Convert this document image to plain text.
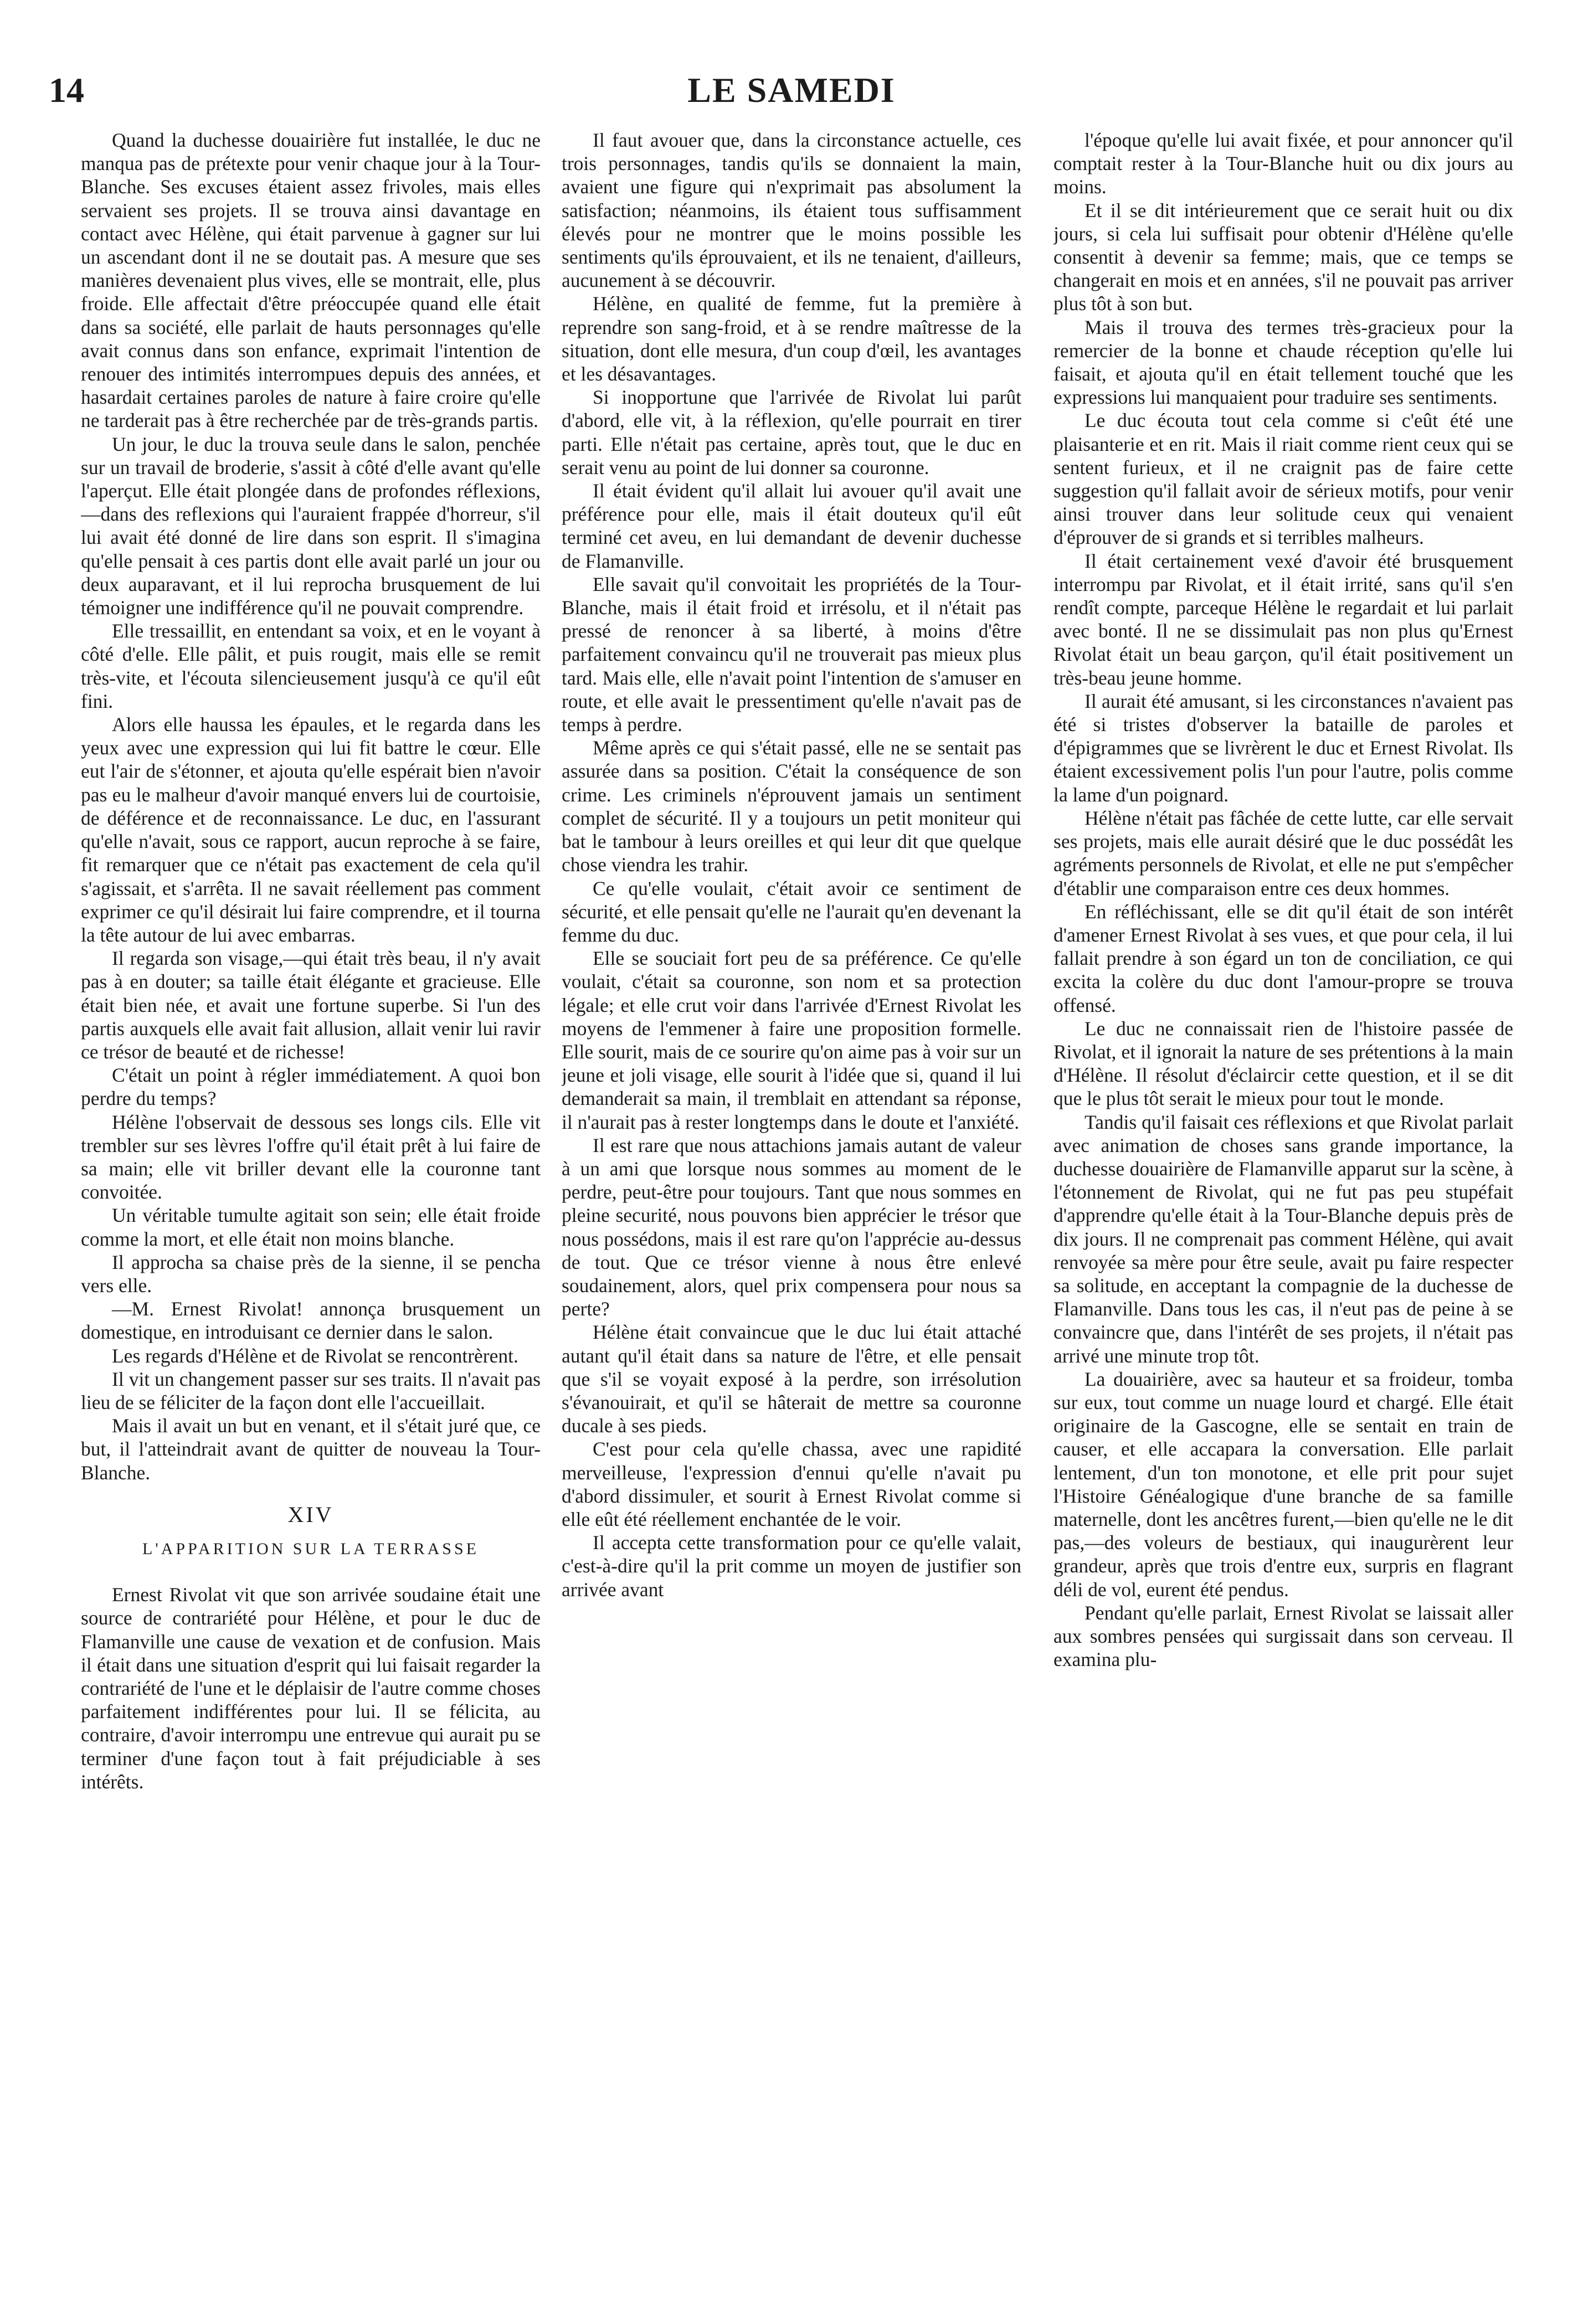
14	LE SAMEDI

Quand la duchesse douairière fut installée, le duc ne manqua pas de prétexte pour venir chaque jour à la Tour-Blanche. Ses excuses étaient assez frivoles, mais elles servaient ses projets. Il se trouva ainsi davantage en contact avec Hélène, qui était parvenue à gagner sur lui un ascendant dont il ne se doutait pas. A mesure que ses manières devenaient plus vives, elle se montrait, elle, plus froide. Elle affectait d'être préoccupée quand elle était dans sa société, elle parlait de hauts personnages qu'elle avait connus dans son enfance, exprimait l'intention de renouer des intimités interrompues depuis des années, et hasardait certaines paroles de nature à faire croire qu'elle ne tarderait pas à être recherchée par de très-grands partis.

Un jour, le duc la trouva seule dans le salon, penchée sur un travail de broderie, s'assit à côté d'elle avant qu'elle l'aperçut. Elle était plongée dans de profondes réflexions,—dans des reflexions qui l'auraient frappée d'horreur, s'il lui avait été donné de lire dans son esprit. Il s'imagina qu'elle pensait à ces partis dont elle avait parlé un jour ou deux auparavant, et il lui reprocha brusquement de lui témoigner une indifférence qu'il ne pouvait comprendre.

Elle tressaillit, en entendant sa voix, et en le voyant à côté d'elle. Elle pâlit, et puis rougit, mais elle se remit très-vite, et l'écouta silencieusement jusqu'à ce qu'il eût fini.

Alors elle haussa les épaules, et le regarda dans les yeux avec une expression qui lui fit battre le cœur. Elle eut l'air de s'étonner, et ajouta qu'elle espérait bien n'avoir pas eu le malheur d'avoir manqué envers lui de courtoisie, de déférence et de reconnaissance. Le duc, en l'assurant qu'elle n'avait, sous ce rapport, aucun reproche à se faire, fit remarquer que ce n'était pas exactement de cela qu'il s'agissait, et s'arrêta. Il ne savait réellement pas comment exprimer ce qu'il désirait lui faire comprendre, et il tourna la tête autour de lui avec embarras.

Il regarda son visage,—qui était très beau, il n'y avait pas à en douter; sa taille était élégante et gracieuse. Elle était bien née, et avait une fortune superbe. Si l'un des partis auxquels elle avait fait allusion, allait venir lui ravir ce trésor de beauté et de richesse!

C'était un point à régler immédiatement. A quoi bon perdre du temps?

Hélène l'observait de dessous ses longs cils. Elle vit trembler sur ses lèvres l'offre qu'il était prêt à lui faire de sa main; elle vit briller devant elle la couronne tant convoitée.

Un véritable tumulte agitait son sein; elle était froide comme la mort, et elle était non moins blanche.

Il approcha sa chaise près de la sienne, il se pencha vers elle.

—M. Ernest Rivolat! annonça brusquement un domestique, en introduisant ce dernier dans le salon.

Les regards d'Hélène et de Rivolat se rencontrèrent.

Il vit un changement passer sur ses traits. Il n'avait pas lieu de se féliciter de la façon dont elle l'accueillait.

Mais il avait un but en venant, et il s'était juré que, ce but, il l'atteindrait avant de quitter de nouveau la Tour-Blanche.

XIV

L'APPARITION SUR LA TERRASSE

Ernest Rivolat vit que son arrivée soudaine était une source de contrariété pour Hélène, et pour le duc de Flamanville une cause de vexation et de confusion. Mais il était dans une situation d'esprit qui lui faisait regarder la contrariété de l'une et le déplaisir de l'autre comme choses parfaitement indifférentes pour lui. Il se félicita, au contraire, d'avoir interrompu une entrevue qui aurait pu se terminer d'une façon tout à fait préjudiciable à ses intérêts.

Il faut avouer que, dans la circonstance actuelle, ces trois personnages, tandis qu'ils se donnaient la main, avaient une figure qui n'exprimait pas absolument la satisfaction; néanmoins, ils étaient tous suffisamment élevés pour ne montrer que le moins possible les sentiments qu'ils éprouvaient, et ils ne tenaient, d'ailleurs, aucunement à se découvrir.

Hélène, en qualité de femme, fut la première à reprendre son sang-froid, et à se rendre maîtresse de la situation, dont elle mesura, d'un coup d'œil, les avantages et les désavantages.

Si inopportune que l'arrivée de Rivolat lui parût d'abord, elle vit, à la réflexion, qu'elle pourrait en tirer parti. Elle n'était pas certaine, après tout, que le duc en serait venu au point de lui donner sa couronne.

Il était évident qu'il allait lui avouer qu'il avait une préférence pour elle, mais il était douteux qu'il eût terminé cet aveu, en lui demandant de devenir duchesse de Flamanville.

Elle savait qu'il convoitait les propriétés de la Tour-Blanche, mais il était froid et irrésolu, et il n'était pas pressé de renoncer à sa liberté, à moins d'être parfaitement convaincu qu'il ne trouverait pas mieux plus tard. Mais elle, elle n'avait point l'intention de s'amuser en route, et elle avait le pressentiment qu'elle n'avait pas de temps à perdre.

Même après ce qui s'était passé, elle ne se sentait pas assurée dans sa position. C'était la conséquence de son crime. Les criminels n'éprouvent jamais un sentiment complet de sécurité. Il y a toujours un petit moniteur qui bat le tambour à leurs oreilles et qui leur dit que quelque chose viendra les trahir.

Ce qu'elle voulait, c'était avoir ce sentiment de sécurité, et elle pensait qu'elle ne l'aurait qu'en devenant la femme du duc.

Elle se souciait fort peu de sa préférence. Ce qu'elle voulait, c'était sa couronne, son nom et sa protection légale; et elle crut voir dans l'arrivée d'Ernest Rivolat les moyens de l'emmener à faire une proposition formelle. Elle sourit, mais de ce sourire qu'on aime pas à voir sur un jeune et joli visage, elle sourit à l'idée que si, quand il lui demanderait sa main, il tremblait en attendant sa réponse, il n'aurait pas à rester longtemps dans le doute et l'anxiété.

Il est rare que nous attachions jamais autant de valeur à un ami que lorsque nous sommes au moment de le perdre, peut-être pour toujours. Tant que nous sommes en pleine securité, nous pouvons bien apprécier le trésor que nous possédons, mais il est rare qu'on l'apprécie au-dessus de tout. Que ce trésor vienne à nous être enlevé soudainement, alors, quel prix compensera pour nous sa perte?

Hélène était convaincue que le duc lui était attaché autant qu'il était dans sa nature de l'être, et elle pensait que s'il se voyait exposé à la perdre, son irrésolution s'évanouirait, et qu'il se hâterait de mettre sa couronne ducale à ses pieds.

C'est pour cela qu'elle chassa, avec une rapidité merveilleuse, l'expression d'ennui qu'elle n'avait pu d'abord dissimuler, et sourit à Ernest Rivolat comme si elle eût été réellement enchantée de le voir.

Il accepta cette transformation pour ce qu'elle valait, c'est-à-dire qu'il la prit comme un moyen de justifier son arrivée avant

l'époque qu'elle lui avait fixée, et pour annoncer qu'il comptait rester à la Tour-Blanche huit ou dix jours au moins.

Et il se dit intérieurement que ce serait huit ou dix jours, si cela lui suffisait pour obtenir d'Hélène qu'elle consentit à devenir sa femme; mais, que ce temps se changerait en mois et en années, s'il ne pouvait pas arriver plus tôt à son but.

Mais il trouva des termes très-gracieux pour la remercier de la bonne et chaude réception qu'elle lui faisait, et ajouta qu'il en était tellement touché que les expressions lui manquaient pour traduire ses sentiments.

Le duc écouta tout cela comme si c'eût été une plaisanterie et en rit. Mais il riait comme rient ceux qui se sentent furieux, et il ne craignit pas de faire cette suggestion qu'il fallait avoir de sérieux motifs, pour venir ainsi trouver dans leur solitude ceux qui venaient d'éprouver de si grands et si terribles malheurs.

Il était certainement vexé d'avoir été brusquement interrompu par Rivolat, et il était irrité, sans qu'il s'en rendît compte, parceque Hélène le regardait et lui parlait avec bonté. Il ne se dissimulait pas non plus qu'Ernest Rivolat était un beau garçon, qu'il était positivement un très-beau jeune homme.

Il aurait été amusant, si les circonstances n'avaient pas été si tristes d'observer la bataille de paroles et d'épigrammes que se livrèrent le duc et Ernest Rivolat. Ils étaient excessivement polis l'un pour l'autre, polis comme la lame d'un poignard.

Hélène n'était pas fâchée de cette lutte, car elle servait ses projets, mais elle aurait désiré que le duc possédât les agréments personnels de Rivolat, et elle ne put s'empêcher d'établir une comparaison entre ces deux hommes.

En réfléchissant, elle se dit qu'il était de son intérêt d'amener Ernest Rivolat à ses vues, et que pour cela, il lui fallait prendre à son égard un ton de conciliation, ce qui excita la colère du duc dont l'amour-propre se trouva offensé.

Le duc ne connaissait rien de l'histoire passée de Rivolat, et il ignorait la nature de ses prétentions à la main d'Hélène. Il résolut d'éclaircir cette question, et il se dit que le plus tôt serait le mieux pour tout le monde.

Tandis qu'il faisait ces réflexions et que Rivolat parlait avec animation de choses sans grande importance, la duchesse douairière de Flamanville apparut sur la scène, à l'étonnement de Rivolat, qui ne fut pas peu stupéfait d'apprendre qu'elle était à la Tour-Blanche depuis près de dix jours. Il ne comprenait pas comment Hélène, qui avait renvoyée sa mère pour être seule, avait pu faire respecter sa solitude, en acceptant la compagnie de la duchesse de Flamanville. Dans tous les cas, il n'eut pas de peine à se convaincre que, dans l'intérêt de ses projets, il n'était pas arrivé une minute trop tôt.

La douairière, avec sa hauteur et sa froideur, tomba sur eux, tout comme un nuage lourd et chargé. Elle était originaire de la Gascogne, elle se sentait en train de causer, et elle accapara la conversation. Elle parlait lentement, d'un ton monotone, et elle prit pour sujet l'Histoire Généalogique d'une branche de sa famille maternelle, dont les ancêtres furent,—bien qu'elle ne le dit pas,—des voleurs de bestiaux, qui inaugurèrent leur grandeur, après que trois d'entre eux, surpris en flagrant déli de vol, eurent été pendus.

Pendant qu'elle parlait, Ernest Rivolat se laissait aller aux sombres pensées qui surgissait dans son cerveau. Il examina plu-
